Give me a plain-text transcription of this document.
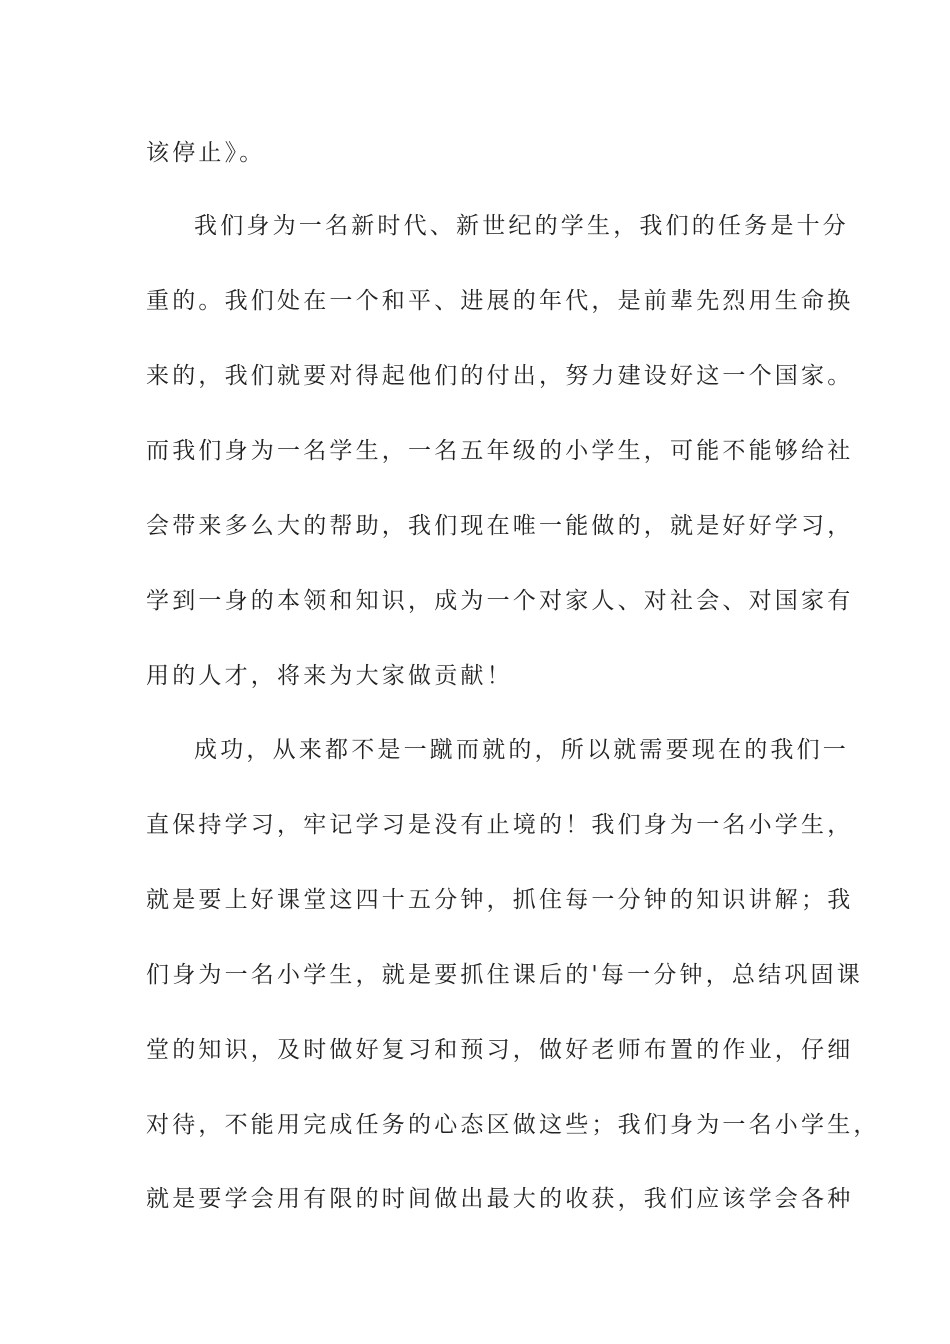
该停止》。
我们身为一名新时代、新世纪的学生，我们的任务是十分
重的。我们处在一个和平、进展的年代，是前辈先烈用生命换
来的，我们就要对得起他们的付出，努力建设好这一个国家。
而我们身为一名学生，一名五年级的小学生，可能不能够给社
会带来多么大的帮助，我们现在唯一能做的，就是好好学习，
学到一身的本领和知识，成为一个对家人、对社会、对国家有
用的人才，将来为大家做贡献！
成功，从来都不是一蹴而就的，所以就需要现在的我们一
直保持学习，牢记学习是没有止境的！我们身为一名小学生，
就是要上好课堂这四十五分钟，抓住每一分钟的知识讲解；我
们身为一名小学生，就是要抓住课后的'每一分钟，总结巩固课
堂的知识，及时做好复习和预习，做好老师布置的作业，仔细
对待，不能用完成任务的心态区做这些；我们身为一名小学生，
就是要学会用有限的时间做出最大的收获，我们应该学会各种
